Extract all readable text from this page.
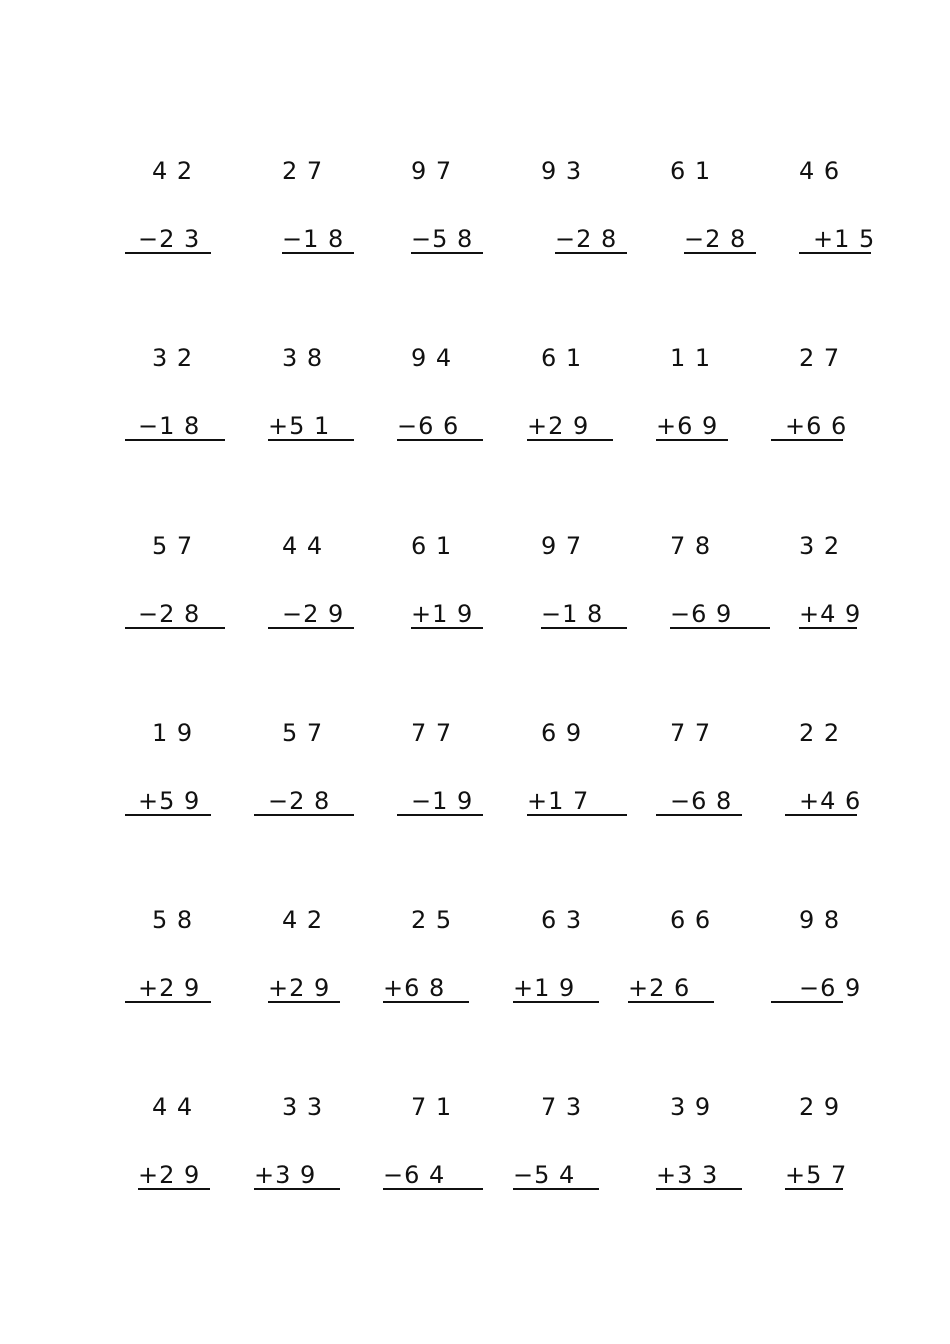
4 2
−2 3
2 7
−1 8
9 7
−5 8
9 3
−2 8
6 1
−2 8
4 6
+1 5
3 2
−1 8
3 8
+5 1
9 4
−6 6
6 1
+2 9
1 1
+6 9
2 7
+6 6
5 7
−2 8
4 4
−2 9
6 1
+1 9
9 7
−1 8
7 8
−6 9
3 2
+4 9
1 9
+5 9
5 7
−2 8
7 7
−1 9
6 9
+1 7
7 7
−6 8
2 2
+4 6
5 8
+2 9
4 2
+2 9
2 5
+6 8
6 3
+1 9
6 6
+2 6
9 8
−6 9
4 4
+2 9
3 3
+3 9
7 1
−6 4
7 3
−5 4
3 9
+3 3
2 9
+5 7
